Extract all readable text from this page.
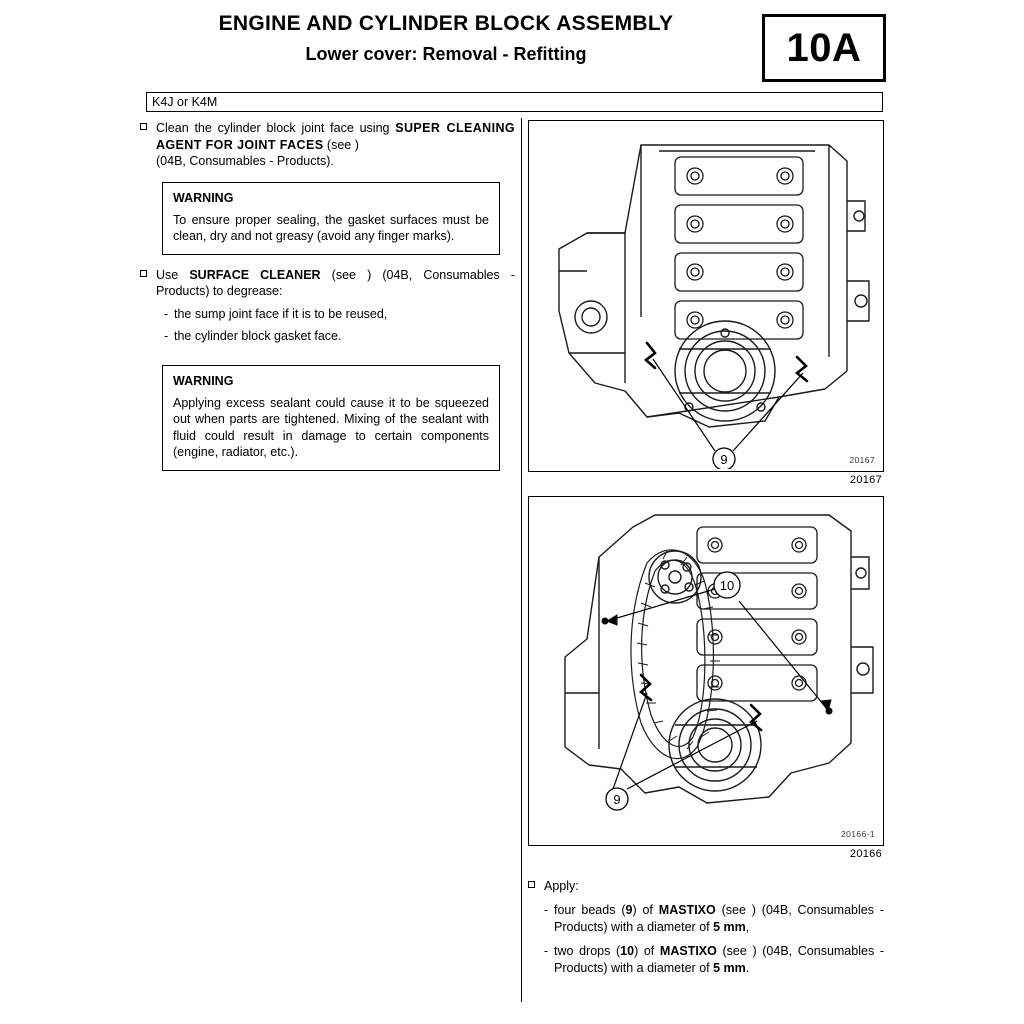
ENGINE AND CYLINDER BLOCK ASSEMBLY
Lower cover: Removal - Refitting	10A
K4J or K4M
Clean the cylinder block joint face using SUPER CLEANING AGENT FOR JOINT FACES (see )
(04B, Consumables - Products).
WARNING
To ensure proper sealing, the gasket surfaces must be clean, dry and not greasy (avoid any finger marks).
Use SURFACE CLEANER (see ) (04B, Consumables - Products) to degrease:
- the sump joint face if it is to be reused,
- the cylinder block gasket face.
WARNING
Applying excess sealant could cause it to be squeezed out when parts are tightened. Mixing of the sealant with fluid could result in damage to certain components (engine, radiator, etc.).	9	20167
20167
10
9
20166-1
20166
Apply:
- four beads (9) of MASTIXO (see ) (04B, Consumables - Products) with a diameter of 5 mm,
- two drops (10) of MASTIXO (see ) (04B, Consumables - Products) with a diameter of 5 mm.
